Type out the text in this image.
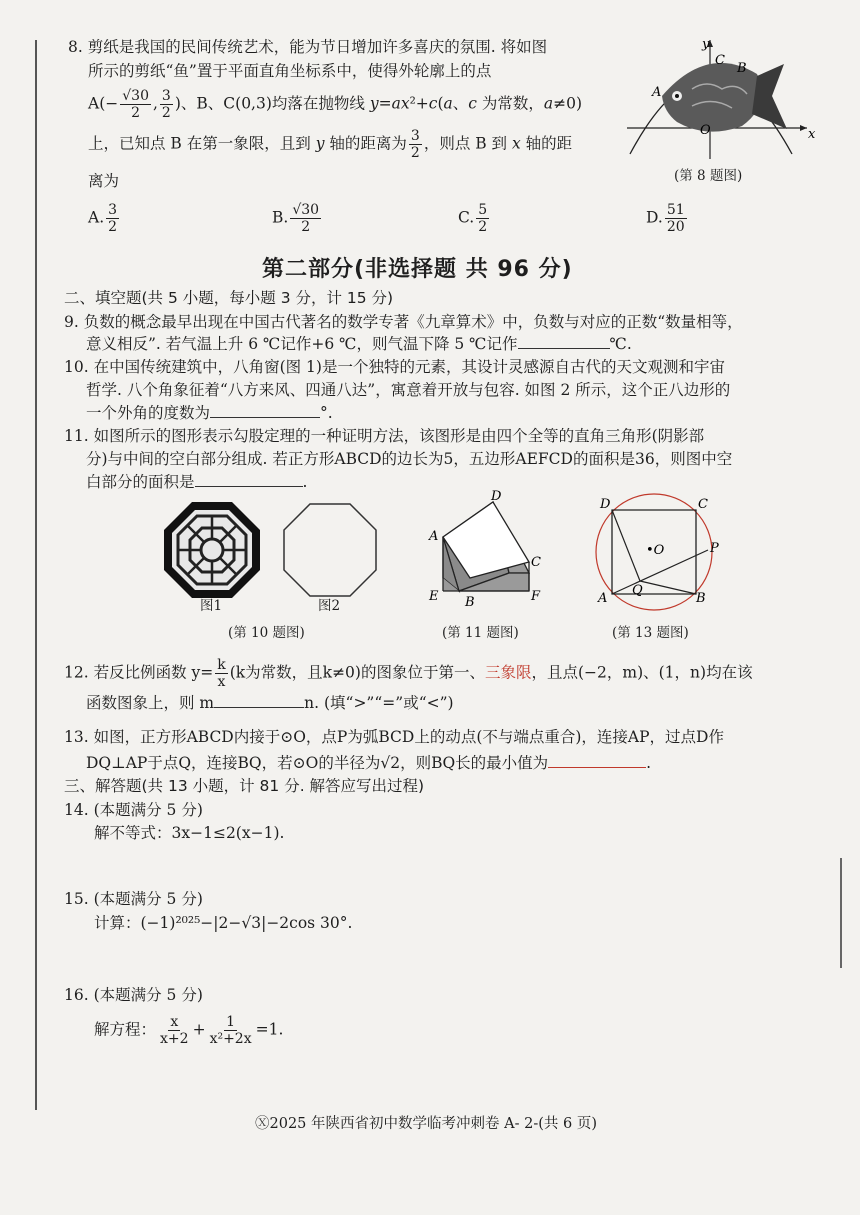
8. 剪纸是我国的民间传统艺术，能为节日增加许多喜庆的氛围. 将如图
所示的剪纸“鱼”置于平面直角坐标系中，使得外轮廓上的点
$A(- \frac{√30}{2}$ , $\frac{3}{2}$ )、B、C(0,3)均落在抛物线 y=ax²+c(a、c 为常数，a≠0)
上，已知点 B 在第一象限，且到 y 轴的距离为 $\frac{3}{2}$ ，则点 B 到 x 轴的距
离为
A. $\frac{3}{2}$	B. $\frac{√30}{2}$	C. $\frac{5}{2}$	D. $\frac{51}{20}$
y
x
C
B
A
O
(第 8 题图)
第二部分(非选择题 共 96 分)
二、填空题(共 5 小题，每小题 3 分，计 15 分)
9. 负数的概念最早出现在中国古代著名的数学专著《九章算术》中，负数与对应的正数“数量相等，
意义相反”. 若气温上升 6 ℃记作+6 ℃，则气温下降 5 ℃记作	℃.
10. 在中国传统建筑中，八角窗(图 1)是一个独特的元素，其设计灵感源自古代的天文观测和宇宙
哲学. 八个角象征着“八方来风、四通八达”，寓意着开放与包容. 如图 2 所示，这个正八边形的
一个外角的度数为	°.
11. 如图所示的图形表示勾股定理的一种证明方法，该图形是由四个全等的直角三角形(阴影部
分)与中间的空白部分组成. 若正方形ABCD的边长为5，五边形AEFCD的面积是36，则图中空
白部分的面积是	.
图1	图2
(第 10 题图)
D
A
C
E B	F
(第 11 题图)
D	C
•O	P
A
Q
B
(第 13 题图)
12. 若反比例函数 $y= \frac{k}{x} (k$为常数，且k≠0)的图象位于第一、三象限，且点(−2，m)、(1，n)均在该
函数图象上，则 m	n. (填“>”“=”或“<”)
13. 如图，正方形ABCD内接于⊙O，点P为弧BCD上的动点(不与端点重合)，连接AP，过点D作
DQ⊥AP于点Q，连接BQ，若⊙O的半径为√2，则BQ长的最小值为	.
三、解答题(共 13 小题，计 81 分. 解答应写出过程)
14. (本题满分 5 分)
解不等式：3x−1≤2(x−1).
15. (本题满分 5 分)
计算：(−1)²⁰²⁵−|2−√3|−2cos 30°.
16. (本题满分 5 分)
解方程： $\frac{x}{x+2} + \frac{1}{\text{x²+2x}} =1$.
Ⓧ2025 年陕西省初中数学临考冲刺卷 A- 2-(共 6 页)
